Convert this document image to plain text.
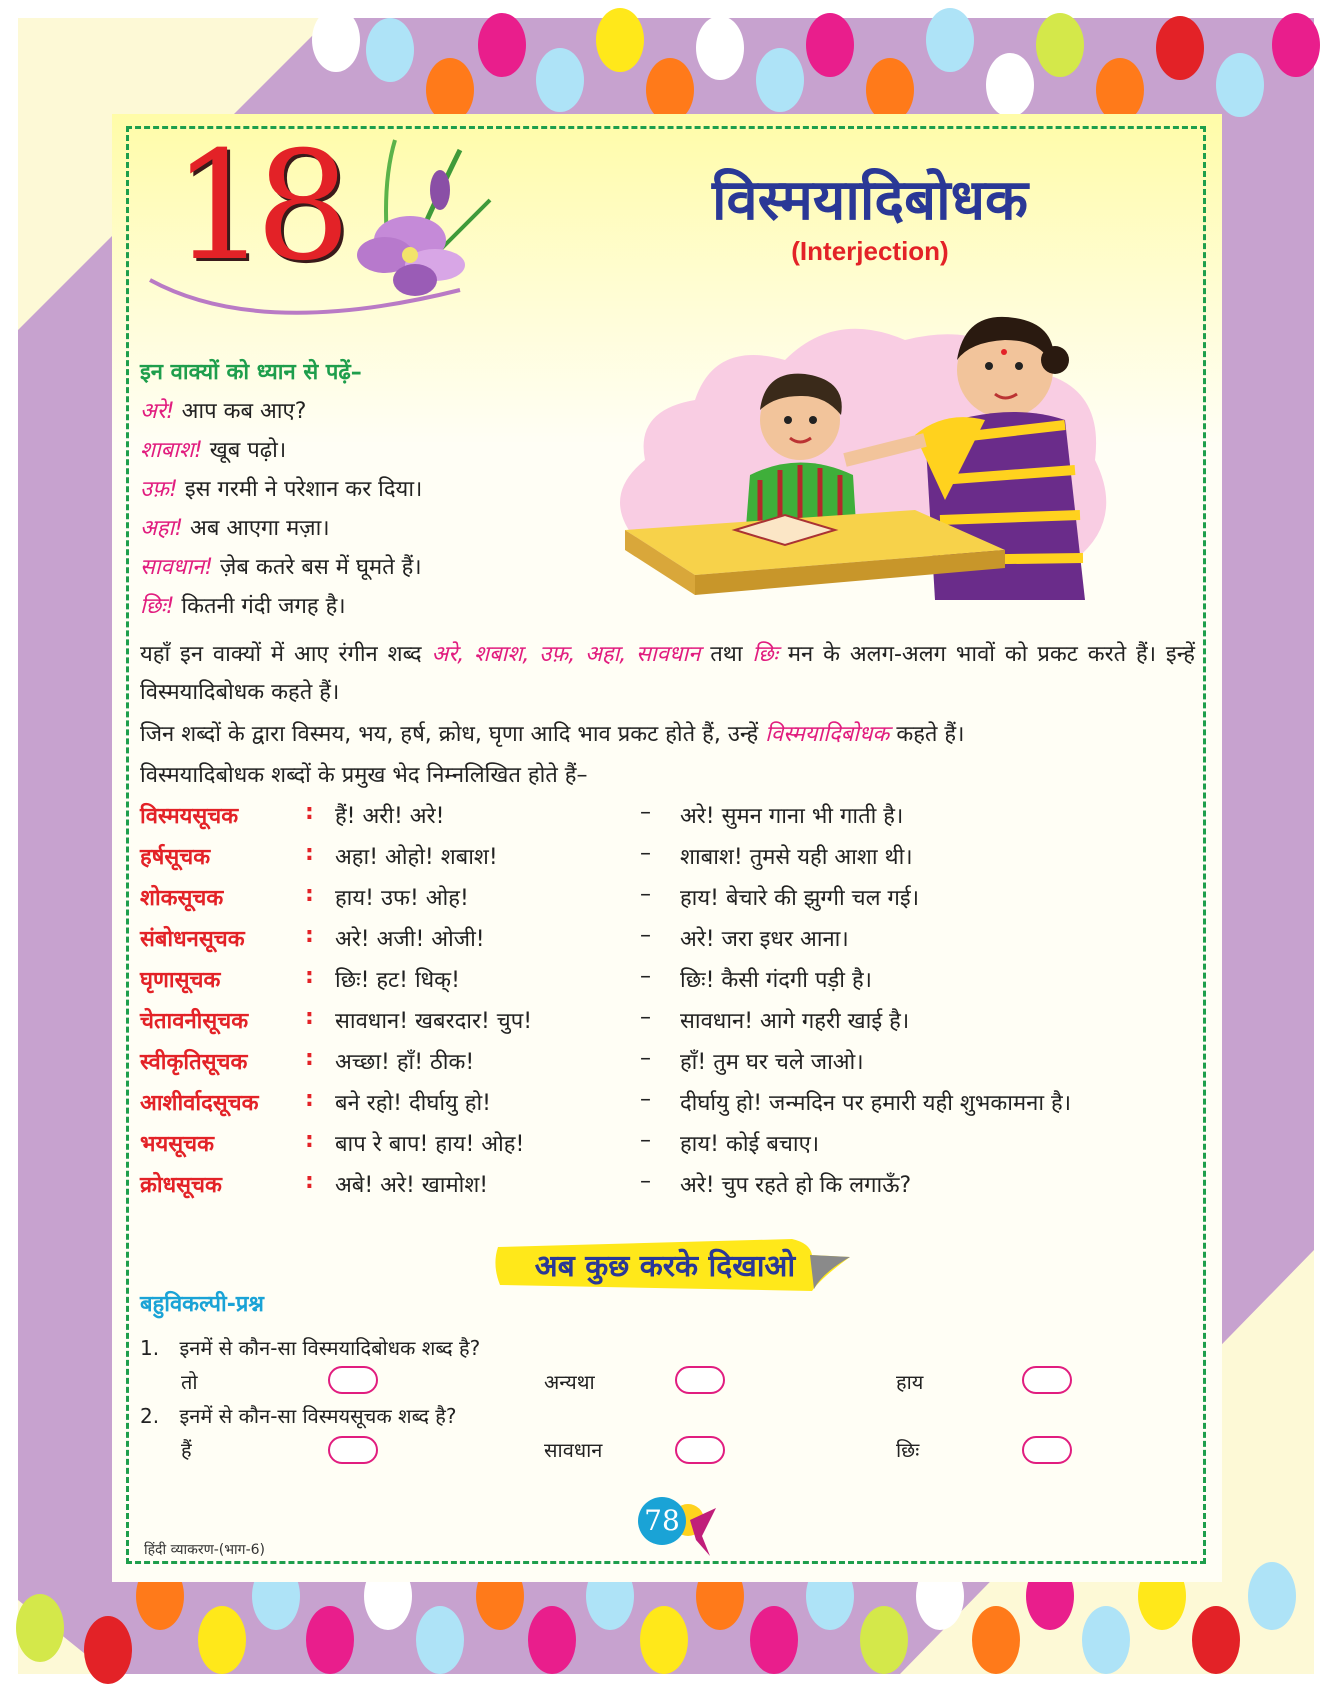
18	विस्मयादिबोधक
(Interjection)
इन वाक्यों को ध्यान से पढ़ें–
अरे! आप कब आए?
शाबाश! खूब पढ़ो।
उफ़! इस गरमी ने परेशान कर दिया।
अहा! अब आएगा मज़ा।
सावधान! ज़ेब कतरे बस में घूमते हैं।
छिः! कितनी गंदी जगह है।
यहाँ इन वाक्यों में आए रंगीन शब्द अरे, शबाश, उफ़, अहा, सावधान तथा छिः मन के अलग-अलग भावों को प्रकट करते हैं। इन्हें विस्मयादिबोधक कहते हैं।
जिन शब्दों के द्वारा विस्मय, भय, हर्ष, क्रोध, घृणा आदि भाव प्रकट होते हैं, उन्हें विस्मयादिबोधक कहते हैं।
विस्मयादिबोधक शब्दों के प्रमुख भेद निम्नलिखित होते हैं–
विस्मयसूचक	: हैं! अरी! अरे!	– अरे! सुमन गाना भी गाती है।
हर्षसूचक	: अहा! ओहो! शबाश!	– शाबाश! तुमसे यही आशा थी।
शोकसूचक	: हाय! उफ! ओह!	– हाय! बेचारे की झुग्गी चल गई।
संबोधनसूचक	: अरे! अजी! ओजी!	– अरे! जरा इधर आना।
घृणासूचक	: छिः! हट! धिक्!	– छिः! कैसी गंदगी पड़ी है।
चेतावनीसूचक	: सावधान! खबरदार! चुप!	– सावधान! आगे गहरी खाई है।
स्वीकृतिसूचक	: अच्छा! हाँ! ठीक!	– हाँ! तुम घर चले जाओ।
आशीर्वादसूचक : बने रहो! दीर्घायु हो!	– दीर्घायु हो! जन्मदिन पर हमारी यही शुभकामना है।
भयसूचक	: बाप रे बाप! हाय! ओह!	– हाय! कोई बचाए।
क्रोधसूचक	: अबे! अरे! खामोश!	– अरे! चुप रहते हो कि लगाऊँ?
अब कुछ करके दिखाओ
बहुविकल्पी-प्रश्न
1. इनमें से कौन-सा विस्मयादिबोधक शब्द है?
तो	अन्यथा	हाय
2. इनमें से कौन-सा विस्मयसूचक शब्द है?
हैं	सावधान	छिः
78
हिंदी व्याकरण-(भाग-6)
